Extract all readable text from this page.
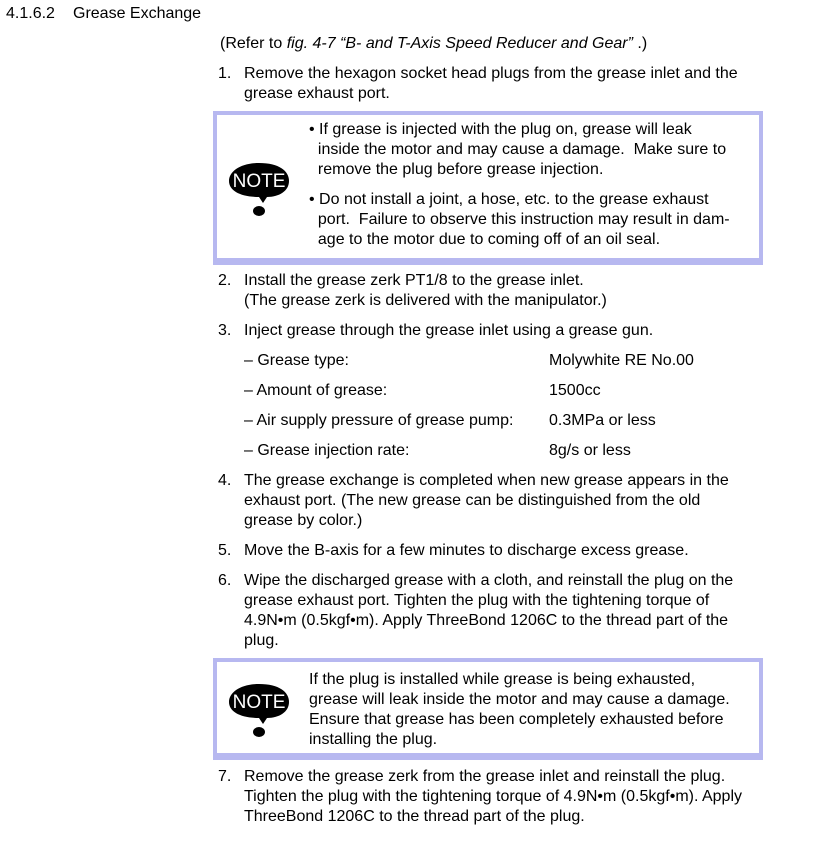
4.1.6.2 Grease Exchange
(Refer to fig. 4-7 “B- and T-Axis Speed Reducer and Gear” .)
1. Remove the hexagon socket head plugs from the grease inlet and the
grease exhaust port.
NOTE
• If grease is injected with the plug on, grease will leak
inside the motor and may cause a damage.  Make sure to
remove the plug before grease injection.
• Do not install a joint, a hose, etc. to the grease exhaust
port.  Failure to observe this instruction may result in dam-
age to the motor due to coming off of an oil seal.
2. Install the grease zerk PT1/8 to the grease inlet.
(The grease zerk is delivered with the manipulator.)
3. Inject grease through the grease inlet using a grease gun.
– Grease type:	Molywhite RE No.00
– Amount of grease:	1500cc
– Air supply pressure of grease pump: 0.3MPa or less
– Grease injection rate:	8g/s or less
4. The grease exchange is completed when new grease appears in the
exhaust port. (The new grease can be distinguished from the old
grease by color.)
5. Move the B-axis for a few minutes to discharge excess grease.
6. Wipe the discharged grease with a cloth, and reinstall the plug on the
grease exhaust port. Tighten the plug with the tightening torque of
4.9N•m (0.5kgf•m). Apply ThreeBond 1206C to the thread part of the
plug.
NOTE
If the plug is installed while grease is being exhausted,
grease will leak inside the motor and may cause a damage.
Ensure that grease has been completely exhausted before
installing the plug.
7. Remove the grease zerk from the grease inlet and reinstall the plug.
Tighten the plug with the tightening torque of 4.9N•m (0.5kgf•m). Apply
ThreeBond 1206C to the thread part of the plug.
